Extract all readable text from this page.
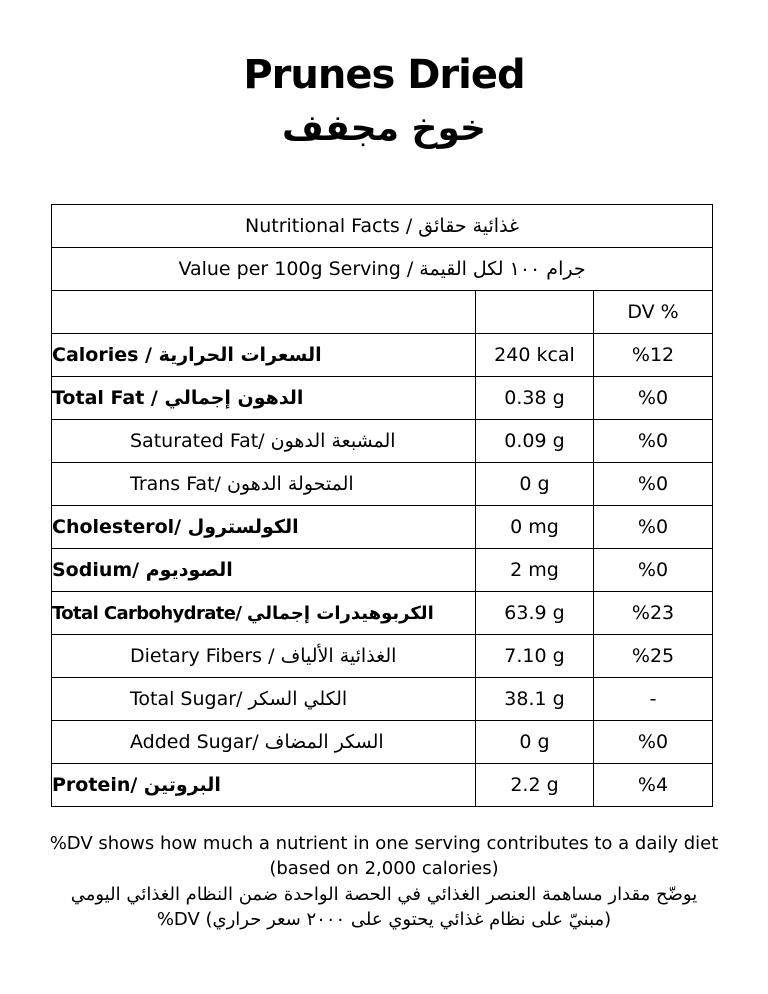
Prunes Dried
خوخ مجفف
Nutritional Facts / غذائية حقائق		
Value per 100g Serving / جرام ١٠٠ لكل القيمة		
		DV %
Calories / السعرات الحرارية	240 kcal	%12
Total Fat / الدهون إجمالي	0.38 g	%0
Saturated Fat/ المشبعة الدهون	0.09 g	%0
Trans Fat/ المتحولة الدهون	0 g	%0
Cholesterol/ الكولسترول	0 mg	%0
Sodium/ الصوديوم	2 mg	%0
Total Carbohydrate/ الكربوهيدرات إجمالي	63.9 g	%23
Dietary Fibers / الغذائية الألياف	7.10 g	%25
Total Sugar/ الكلي السكر	38.1 g	-
Added Sugar/ السكر المضاف	0 g	%0
Protein/ البروتين	2.2 g	%4
%DV shows how much a nutrient in one serving contributes to a daily diet
(based on 2,000 calories)
يوضّح مقدار مساهمة العنصر الغذائي في الحصة الواحدة ضمن النظام الغذائي اليومي
(مبنيّ على نظام غذائي يحتوي على ٢٠٠٠ سعر حراري) DV%
